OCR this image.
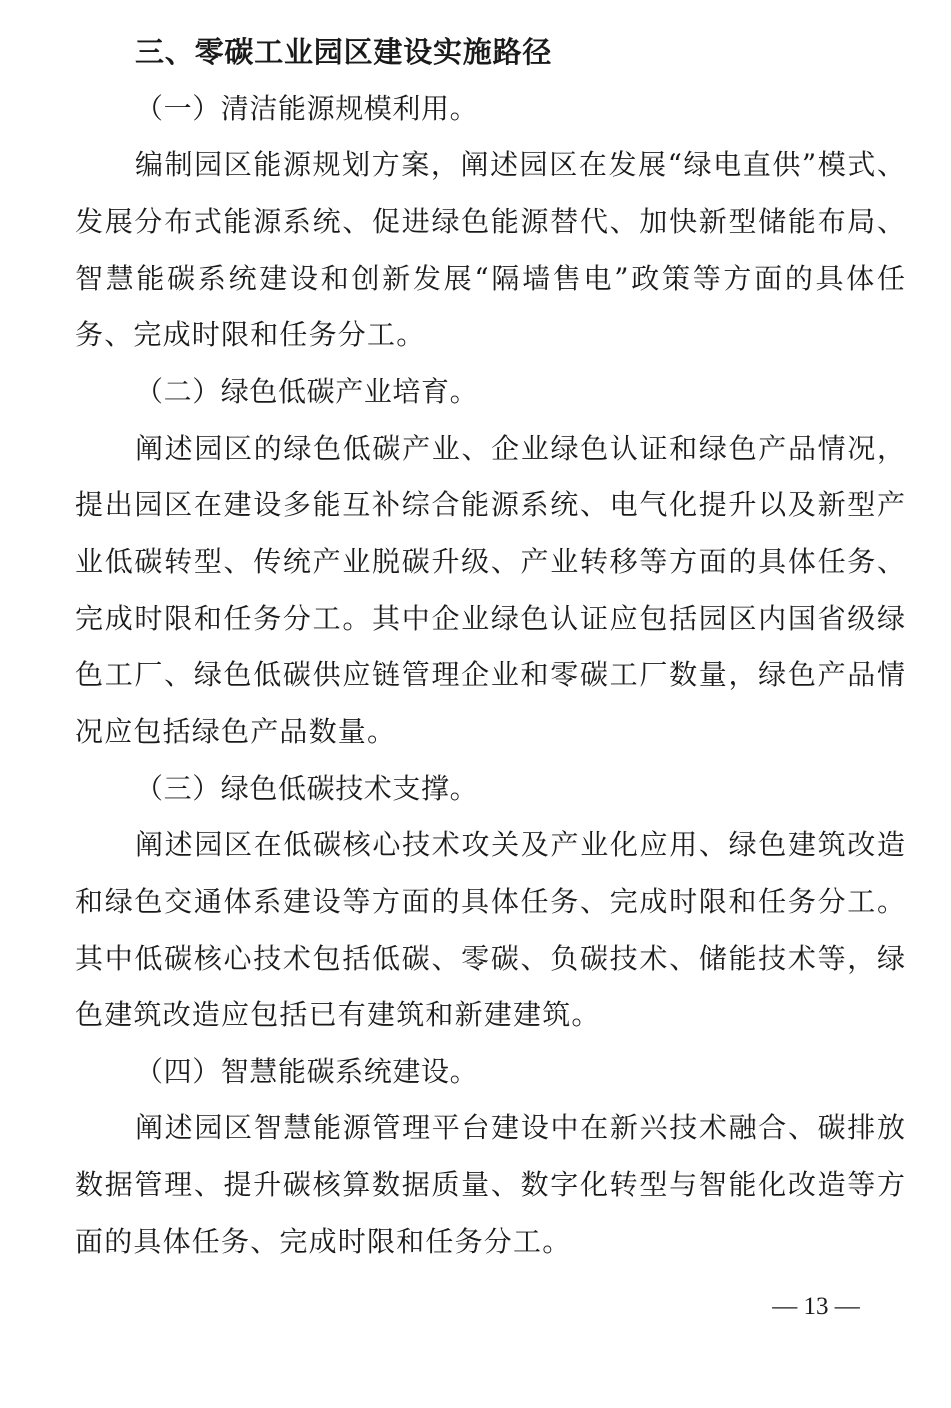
三、零碳工业园区建设实施路径
（一）清洁能源规模利用。
编制园区能源规划方案，阐述园区在发展“绿电直供”模式、
发展分布式能源系统、促进绿色能源替代、加快新型储能布局、
智慧能碳系统建设和创新发展“隔墙售电”政策等方面的具体任
务、完成时限和任务分工。
（二）绿色低碳产业培育。
阐述园区的绿色低碳产业、企业绿色认证和绿色产品情况，
提出园区在建设多能互补综合能源系统、电气化提升以及新型产
业低碳转型、传统产业脱碳升级、产业转移等方面的具体任务、
完成时限和任务分工。其中企业绿色认证应包括园区内国省级绿
色工厂、绿色低碳供应链管理企业和零碳工厂数量，绿色产品情
况应包括绿色产品数量。
（三）绿色低碳技术支撑。
阐述园区在低碳核心技术攻关及产业化应用、绿色建筑改造
和绿色交通体系建设等方面的具体任务、完成时限和任务分工。
其中低碳核心技术包括低碳、零碳、负碳技术、储能技术等，绿
色建筑改造应包括已有建筑和新建建筑。
（四）智慧能碳系统建设。
阐述园区智慧能源管理平台建设中在新兴技术融合、碳排放
数据管理、提升碳核算数据质量、数字化转型与智能化改造等方
面的具体任务、完成时限和任务分工。
— 13 —
